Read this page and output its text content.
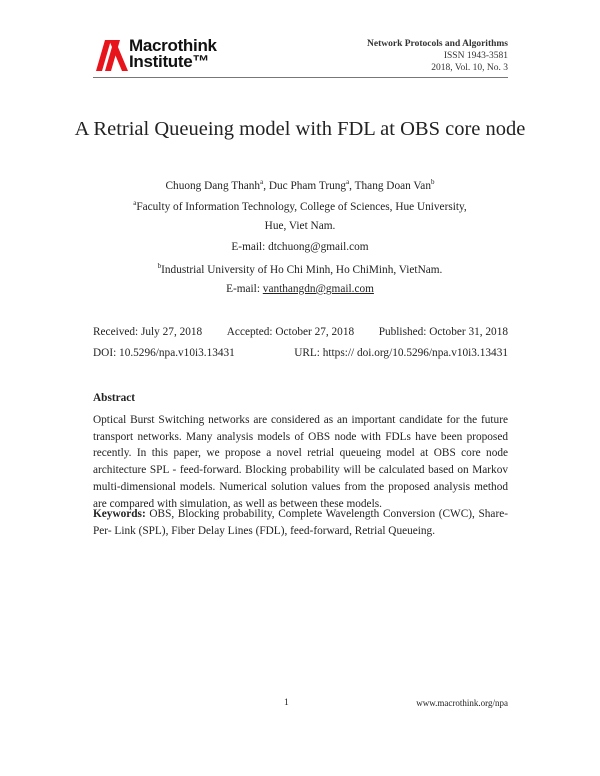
Macrothink
Institute™
Network Protocols and Algorithms
ISSN 1943-3581
2018, Vol. 10, No. 3
A Retrial Queueing model with FDL at OBS core node
Chuong Dang Thanh$^a$, Duc Pham Trung$^a$, Thang Doan Van$^b$
$^a$Faculty of Information Technology, College of Sciences, Hue University,
Hue, Viet Nam.
E-mail: dtchuong@gmail.com
$^b$Industrial University of Ho Chi Minh, Ho ChiMinh, VietNam.
E-mail: vanthangdn@gmail.com
Received: July 27, 2018 Accepted: October 27, 2018 Published: October 31, 2018
DOI: 10.5296/npa.v10i3.13431	URL: https:// doi.org/10.5296/npa.v10i3.13431
Abstract
Optical Burst Switching networks are considered as an important candidate for the future transport networks. Many analysis models of OBS node with FDLs have been proposed recently. In this paper, we propose a novel retrial queueing model at OBS core node architecture SPL - feed-forward. Blocking probability will be calculated based on Markov multi-dimensional models. Numerical solution values from the proposed analysis method are compared with simulation, as well as between these models.
Keywords: OBS, Blocking probability, Complete Wavelength Conversion (CWC), Share-Per- Link (SPL), Fiber Delay Lines (FDL), feed-forward, Retrial Queueing.
1	www.macrothink.org/npa
